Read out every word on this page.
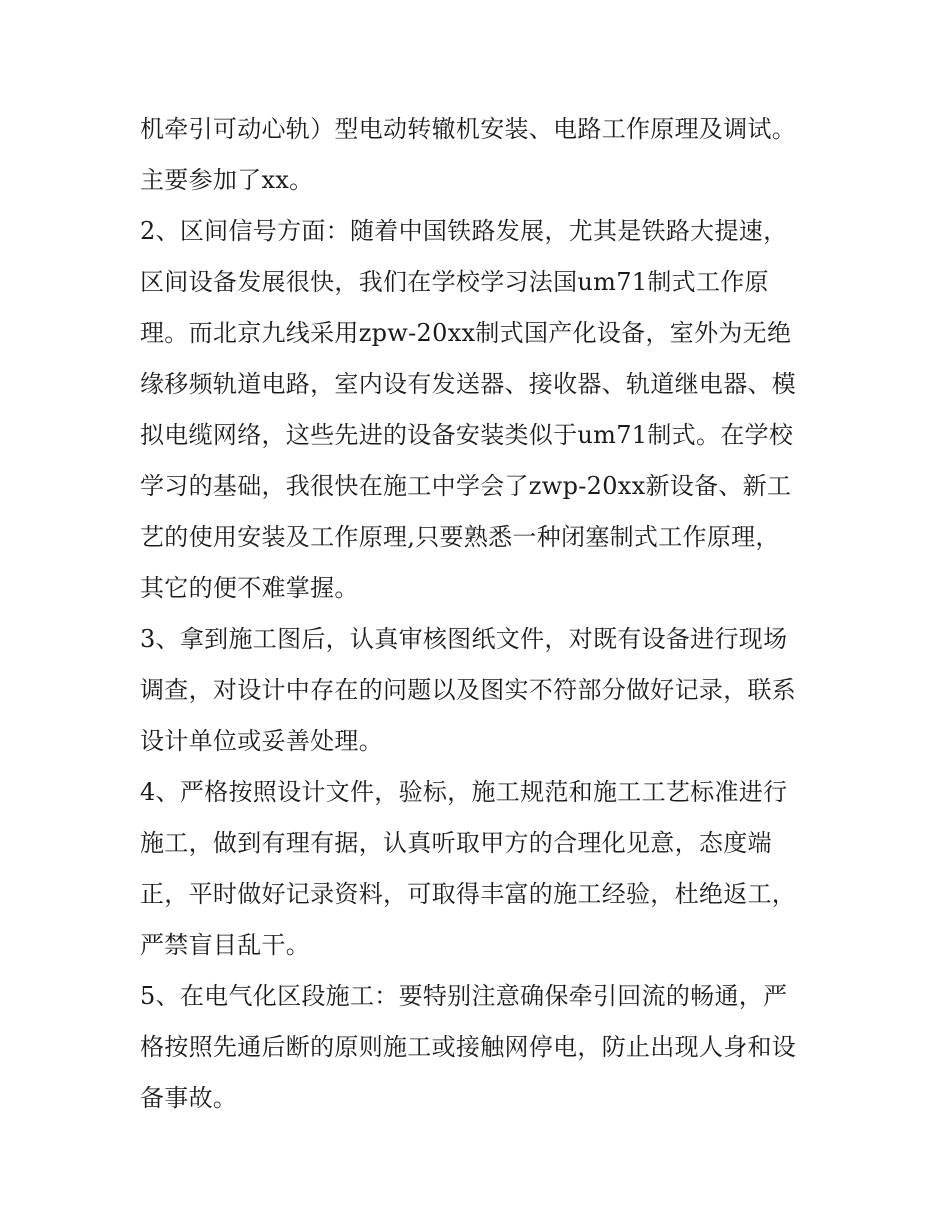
机牵引可动心轨）型电动转辙机安装、电路工作原理及调试。
主要参加了xx。
2、区间信号方面：随着中国铁路发展，尤其是铁路大提速，
区间设备发展很快，我们在学校学习法国um71制式工作原
理。而北京九线采用zpw-20xx制式国产化设备，室外为无绝
缘移频轨道电路，室内设有发送器、接收器、轨道继电器、模
拟电缆网络，这些先进的设备安装类似于um71制式。在学校
学习的基础，我很快在施工中学会了zwp-20xx新设备、新工
艺的使用安装及工作原理,只要熟悉一种闭塞制式工作原理，
其它的便不难掌握。
3、拿到施工图后，认真审核图纸文件，对既有设备进行现场
调查，对设计中存在的问题以及图实不符部分做好记录，联系
设计单位或妥善处理。
4、严格按照设计文件，验标，施工规范和施工工艺标准进行
施工，做到有理有据，认真听取甲方的合理化见意，态度端
正，平时做好记录资料，可取得丰富的施工经验，杜绝返工，
严禁盲目乱干。
5、在电气化区段施工：要特别注意确保牵引回流的畅通，严
格按照先通后断的原则施工或接触网停电，防止出现人身和设
备事故。
